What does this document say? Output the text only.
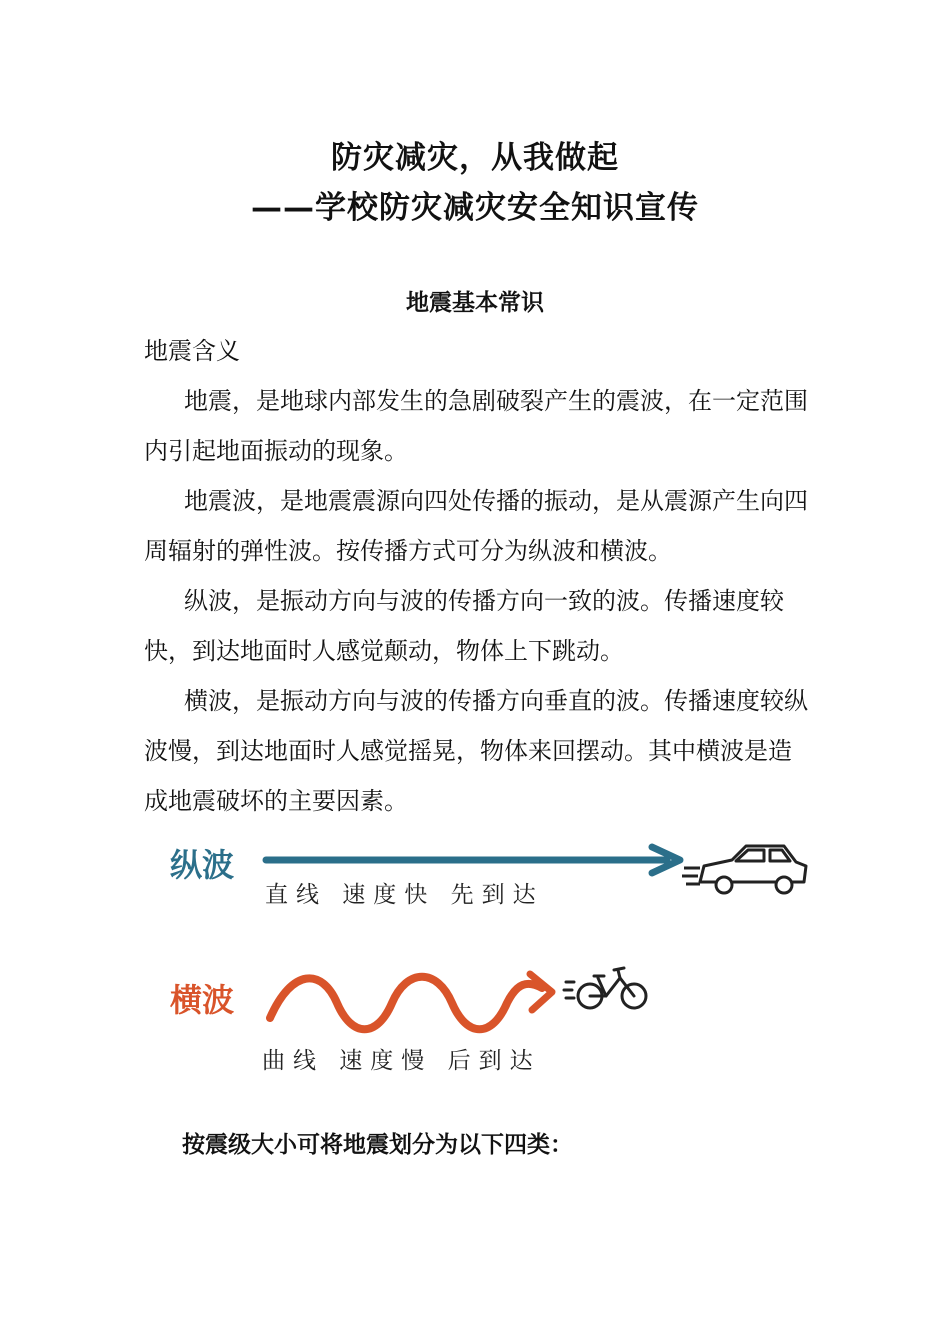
防灾减灾，从我做起
——学校防灾减灾安全知识宣传
地震基本常识
地震含义

地震，是地球内部发生的急剧破裂产生的震波，在一定范围内引起地面振动的现象。

地震波，是地震震源向四处传播的振动，是从震源产生向四周辐射的弹性波。按传播方式可分为纵波和横波。

纵波，是振动方向与波的传播方向一致的波。传播速度较快，到达地面时人感觉颠动，物体上下跳动。

横波，是振动方向与波的传播方向垂直的波。传播速度较纵波慢，到达地面时人感觉摇晃，物体来回摆动。其中横波是造成地震破坏的主要因素。

纵波
直线 速度快 先到达
横波
曲线 速度慢 后到达
按震级大小可将地震划分为以下四类：
